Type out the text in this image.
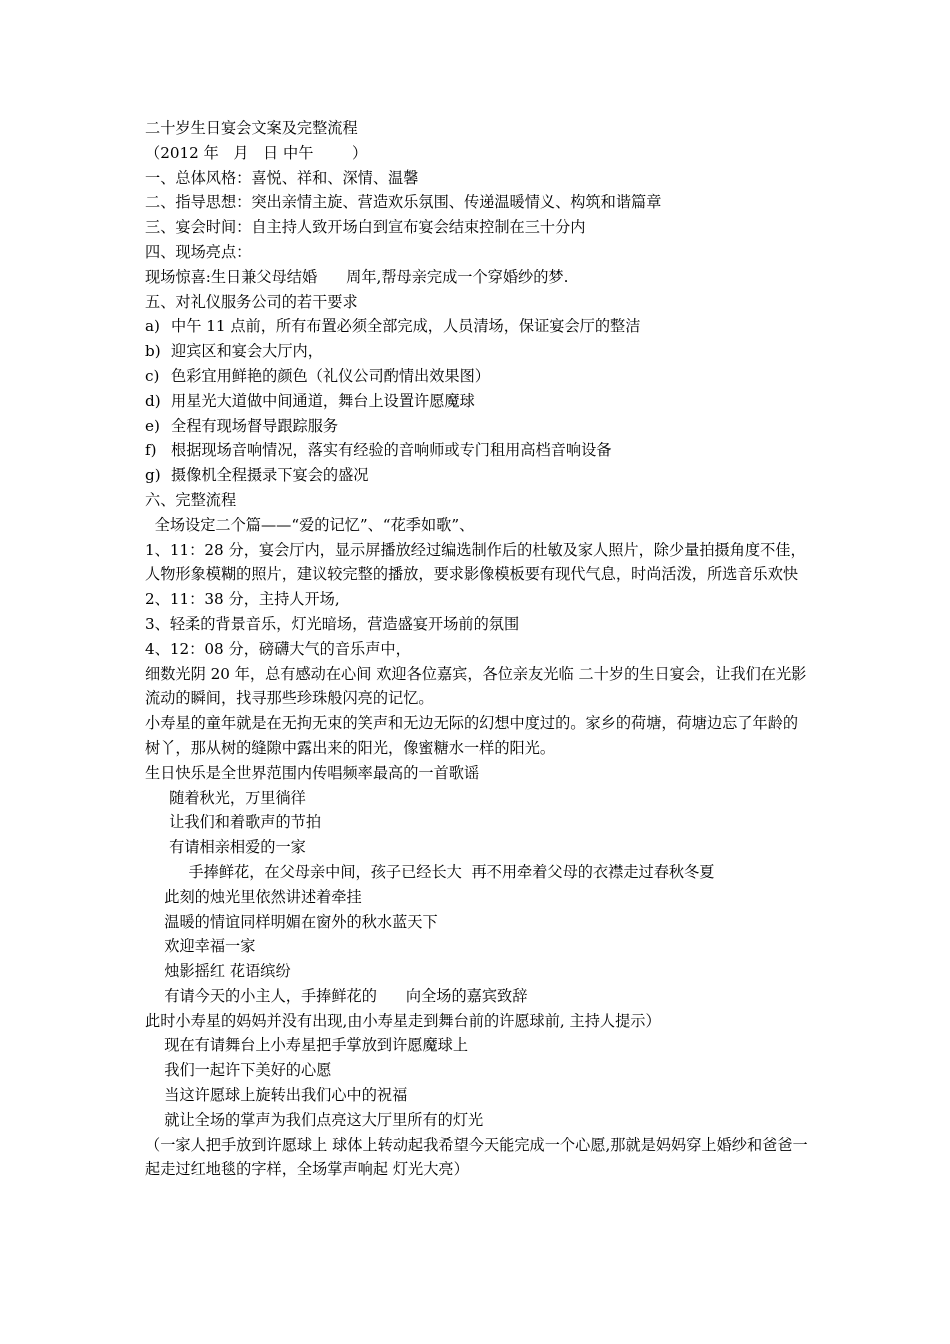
二十岁生日宴会文案及完整流程
（2012 年   月   日 中午        ）
一、总体风格：喜悦、祥和、深情、温馨
二、指导思想：突出亲情主旋、营造欢乐氛围、传递温暖情义、构筑和谐篇章
三、宴会时间：自主持人致开场白到宣布宴会结束控制在三十分内
四、现场亮点：
现场惊喜:生日兼父母结婚      周年,帮母亲完成一个穿婚纱的梦.
五、对礼仪服务公司的若干要求
a) 中午 11 点前，所有布置必须全部完成，人员清场，保证宴会厅的整洁
b) 迎宾区和宴会大厅内，
c) 色彩宜用鲜艳的颜色（礼仪公司酌情出效果图）
d) 用星光大道做中间通道，舞台上设置许愿魔球
e) 全程有现场督导跟踪服务
f) 根据现场音响情况，落实有经验的音响师或专门租用高档音响设备
g) 摄像机全程摄录下宴会的盛况
六、完整流程
全场设定二个篇——“爱的记忆”、“花季如歌”、
1、11：28 分，宴会厅内，显示屏播放经过编选制作后的杜敏及家人照片，除少量拍摄角度不佳，人物形象模糊的照片，建议较完整的播放，要求影像模板要有现代气息，时尚活泼，所选音乐欢快
2、11：38 分，主持人开场,
3、轻柔的背景音乐，灯光暗场，营造盛宴开场前的氛围
4、12：08 分，磅礴大气的音乐声中，
细数光阴 20 年，总有感动在心间 欢迎各位嘉宾，各位亲友光临 二十岁的生日宴会，让我们在光影流动的瞬间，找寻那些珍珠般闪亮的记忆。
小寿星的童年就是在无拘无束的笑声和无边无际的幻想中度过的。家乡的荷塘，荷塘边忘了年龄的树丫，那从树的缝隙中露出来的阳光，像蜜糖水一样的阳光。
生日快乐是全世界范围内传唱频率最高的一首歌谣
随着秋光，万里徜徉
让我们和着歌声的节拍
有请相亲相爱的一家
手捧鲜花，在父母亲中间，孩子已经长大  再不用牵着父母的衣襟走过春秋冬夏
此刻的烛光里依然讲述着牵挂
温暖的情谊同样明媚在窗外的秋水蓝天下
欢迎幸福一家
烛影摇红 花语缤纷
有请今天的小主人，手捧鲜花的      向全场的嘉宾致辞
此时小寿星的妈妈并没有出现,由小寿星走到舞台前的许愿球前, 主持人提示）
现在有请舞台上小寿星把手掌放到许愿魔球上
我们一起许下美好的心愿
当这许愿球上旋转出我们心中的祝福
就让全场的掌声为我们点亮这大厅里所有的灯光
（一家人把手放到许愿球上 球体上转动起我希望今天能完成一个心愿,那就是妈妈穿上婚纱和爸爸一起走过红地毯的字样，全场掌声响起 灯光大亮）
